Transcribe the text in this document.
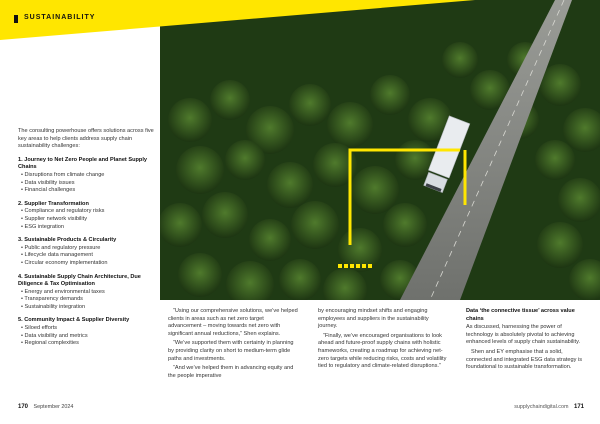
SUSTAINABILITY

The consulting powerhouse offers solutions across five key areas to help clients address supply chain sustainability challenges:

1. Journey to Net Zero People and Planet Supply Chains
• Disruptions from climate change
• Data visibility issues
• Financial challenges
2. Supplier Transformation
• Compliance and regulatory risks
• Supplier network visibility
• ESG integration
3. Sustainable Products & Circularity
• Public and regulatory pressure
• Lifecycle data management
• Circular economy implementation
4. Sustainable Supply Chain Architecture, Due Diligence & Tax Optimisation
• Energy and environmental taxes
• Transparency demands
• Sustainability integration
5. Community Impact & Supplier Diversity
• Siloed efforts
• Data visibility and metrics
• Regional complexities

“Using our comprehensive solutions, we’ve helped clients in areas such as net zero target advancement – moving towards net zero with significant annual reductions,” Shen explains.

“We’ve supported them with certainty in planning by providing clarity on short to medium-term glide paths and investments.

“And we’ve helped them in advancing equity and the people imperative

by encouraging mindset shifts and engaging employees and suppliers in the sustainability journey.

“Finally, we’ve encouraged organisations to look ahead and future-proof supply chains with holistic frameworks, creating a roadmap for achieving net-zero targets while reducing risks, costs and volatility tied to regulatory and climate-related disruptions.”

Data ‘the connective tissue’ across value chains

As discussed, harnessing the power of technology is absolutely pivotal to achieving enhanced levels of supply chain sustainability.

Shen and EY emphasise that a solid, connected and integrated ESG data strategy is foundational to sustainable transformation.

170 September 2024	supplychaindigital.com 171
